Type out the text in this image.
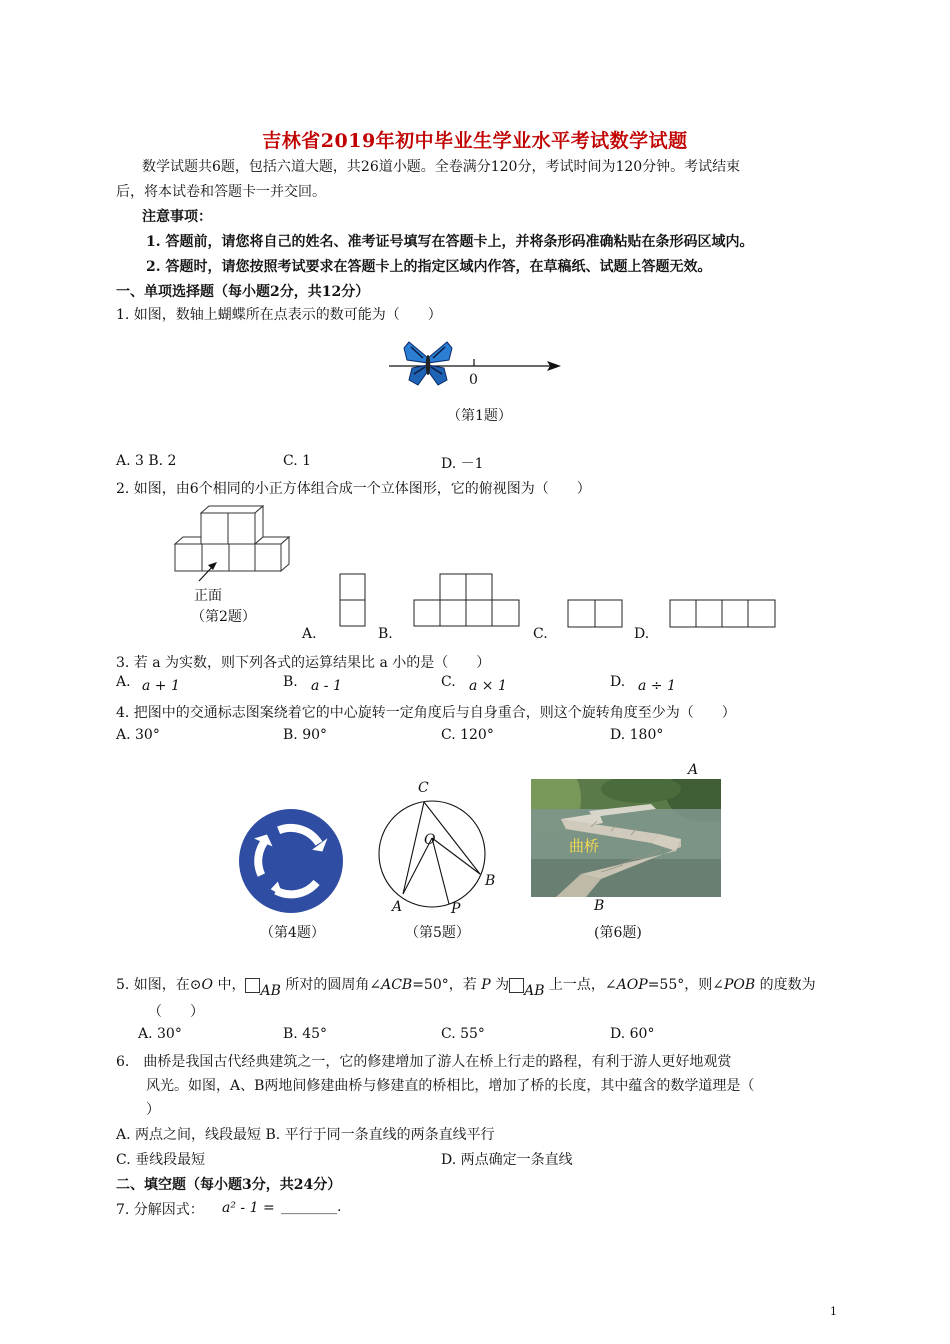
吉林省2019年初中毕业生学业水平考试数学试题
数学试题共6题，包括六道大题，共26道小题。全卷满分120分，考试时间为120分钟。考试结束
后，将本试卷和答题卡一并交回。
注意事项：
1. 答题前，请您将自己的姓名、准考证号填写在答题卡上，并将条形码准确粘贴在条形码区域内。
2. 答题时，请您按照考试要求在答题卡上的指定区域内作答，在草稿纸、试题上答题无效。
一、单项选择题（每小题2分，共12分）
1. 如图，数轴上蝴蝶所在点表示的数可能为（　　）
0
（第1题）
A. 3 B. 2	C. 1	D. －1
2. 如图，由6个相同的小正方体组合成一个立体图形，它的俯视图为（　　）
正面
（第2题）
A.	B.	C.	D.
3. 若 a 为实数，则下列各式的运算结果比 a 小的是（　　）
A. a + 1	B. a - 1	C. a × 1	D. a ÷ 1
4. 把图中的交通标志图案绕着它的中心旋转一定角度后与自身重合，则这个旋转角度至少为（　　）
A. 30°	B. 90°	C. 120°	D. 180°
（第4题）
C
O
B
A	P
（第5题）
曲桥
A
B
(第6题)
5. 如图，在⊙O 中， AB 所对的圆周角∠ACB=50°，若 P 为 AB 上一点，∠AOP=55°，则∠POB 的度数为
（　　）
A. 30°	B. 45°	C. 55°	D. 60°
6.　曲桥是我国古代经典建筑之一，它的修建增加了游人在桥上行走的路程，有利于游人更好地观赏
风光。如图，A、B两地间修建曲桥与修建直的桥相比，增加了桥的长度，其中蕴含的数学道理是（
）
A. 两点之间，线段最短 B. 平行于同一条直线的两条直线平行
C. 垂线段最短	D. 两点确定一条直线
二、填空题（每小题3分，共24分）
7. 分解因式： a² - 1 = ________.
1
